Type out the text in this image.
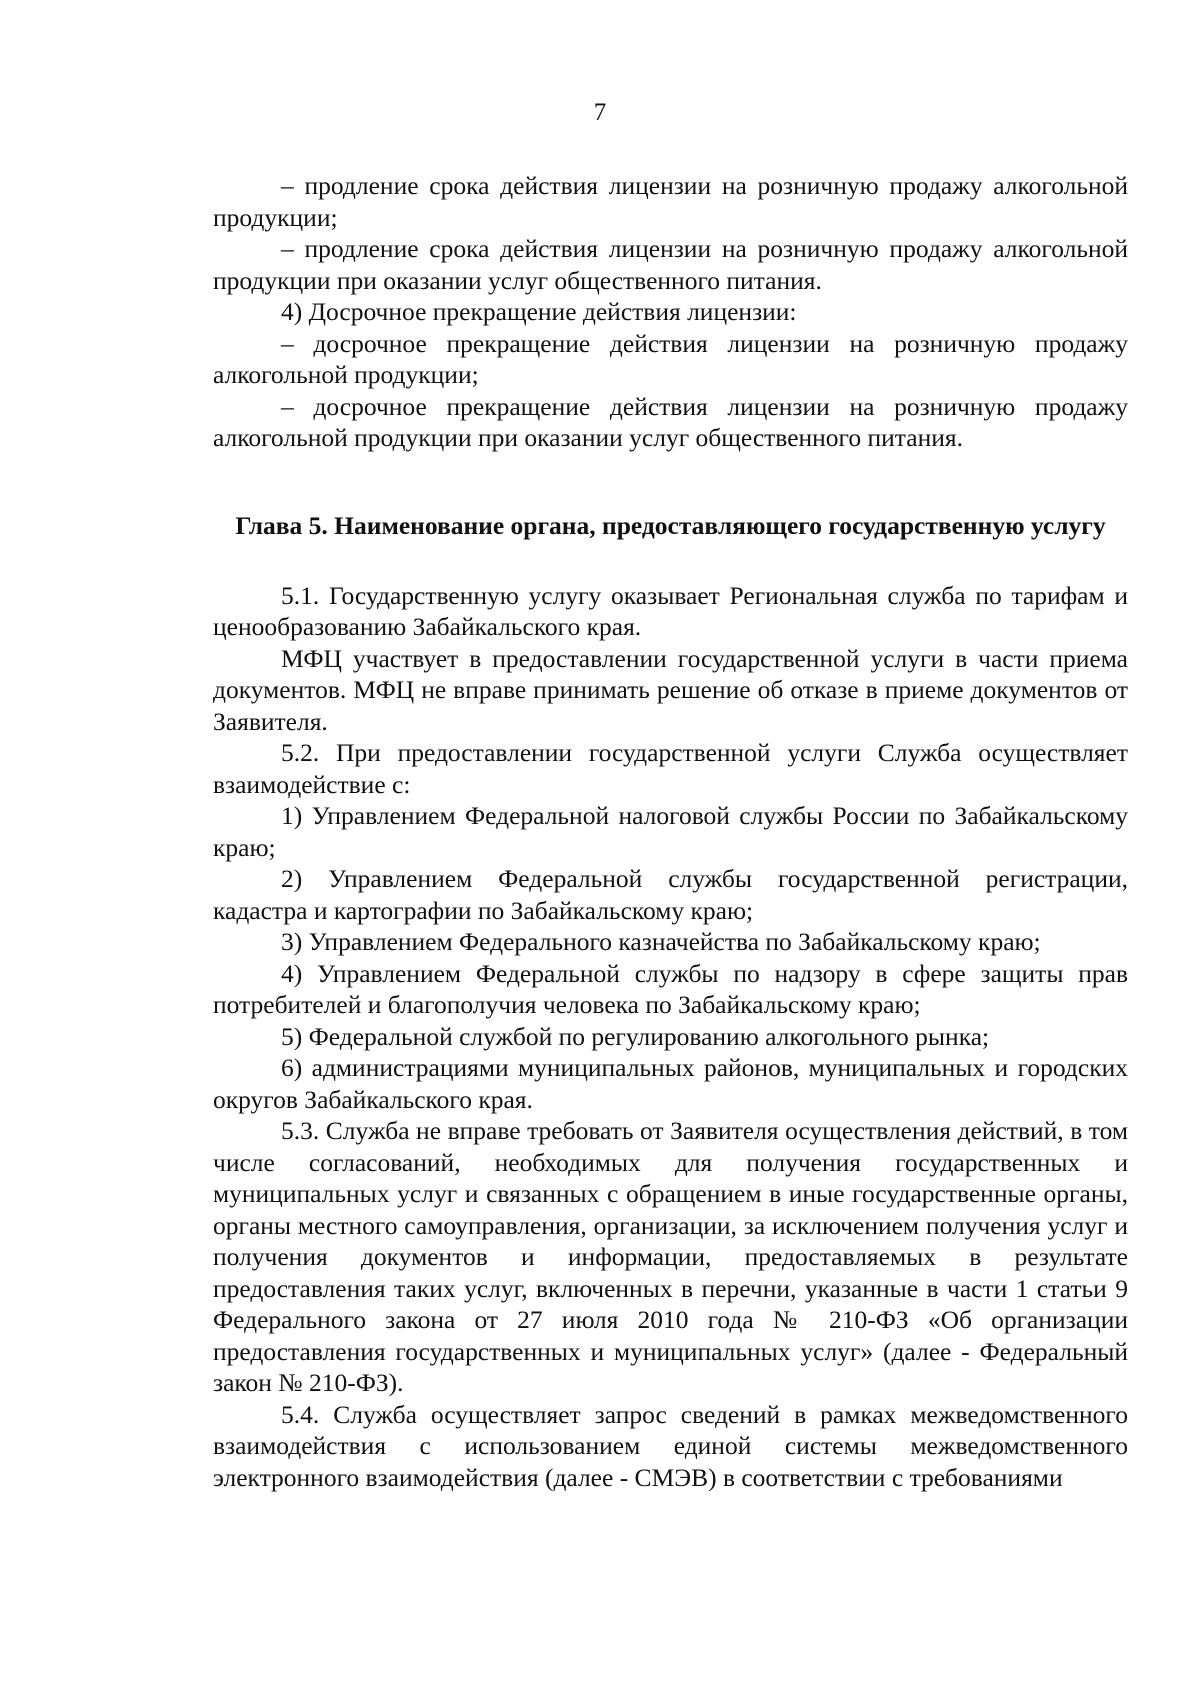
7

– продление срока действия лицензии на розничную продажу алкогольной продукции;

– продление срока действия лицензии на розничную продажу алкогольной продукции при оказании услуг общественного питания.

4) Досрочное прекращение действия лицензии:

– досрочное прекращение действия лицензии на розничную продажу алкогольной продукции;

– досрочное прекращение действия лицензии на розничную продажу алкогольной продукции при оказании услуг общественного питания.

Глава 5. Наименование органа, предоставляющего государственную услугу

5.1. Государственную услугу оказывает Региональная служба по тарифам и ценообразованию Забайкальского края.

МФЦ участвует в предоставлении государственной услуги в части приема документов. МФЦ не вправе принимать решение об отказе в приеме документов от Заявителя.

5.2. При предоставлении государственной услуги Служба осуществляет взаимодействие с:

1) Управлением Федеральной налоговой службы России по Забайкальскому краю;

2) Управлением Федеральной службы государственной регистрации, кадастра и картографии по Забайкальскому краю;

3) Управлением Федерального казначейства по Забайкальскому краю;

4) Управлением Федеральной службы по надзору в сфере защиты прав потребителей и благополучия человека по Забайкальскому краю;

5) Федеральной службой по регулированию алкогольного рынка;

6) администрациями муниципальных районов, муниципальных и городских округов Забайкальского края.

5.3. Служба не вправе требовать от Заявителя осуществления действий, в том числе согласований, необходимых для получения государственных и муниципальных услуг и связанных с обращением в иные государственные органы, органы местного самоуправления, организации, за исключением получения услуг и получения документов и информации, предоставляемых в результате предоставления таких услуг, включенных в перечни, указанные в части 1 статьи 9 Федерального закона от 27 июля 2010 года № 210-ФЗ «Об организации предоставления государственных и муниципальных услуг» (далее - Федеральный закон № 210-ФЗ).

5.4. Служба осуществляет запрос сведений в рамках межведомственного взаимодействия с использованием единой системы межведомственного электронного взаимодействия (далее - СМЭВ) в соответствии с требованиями
